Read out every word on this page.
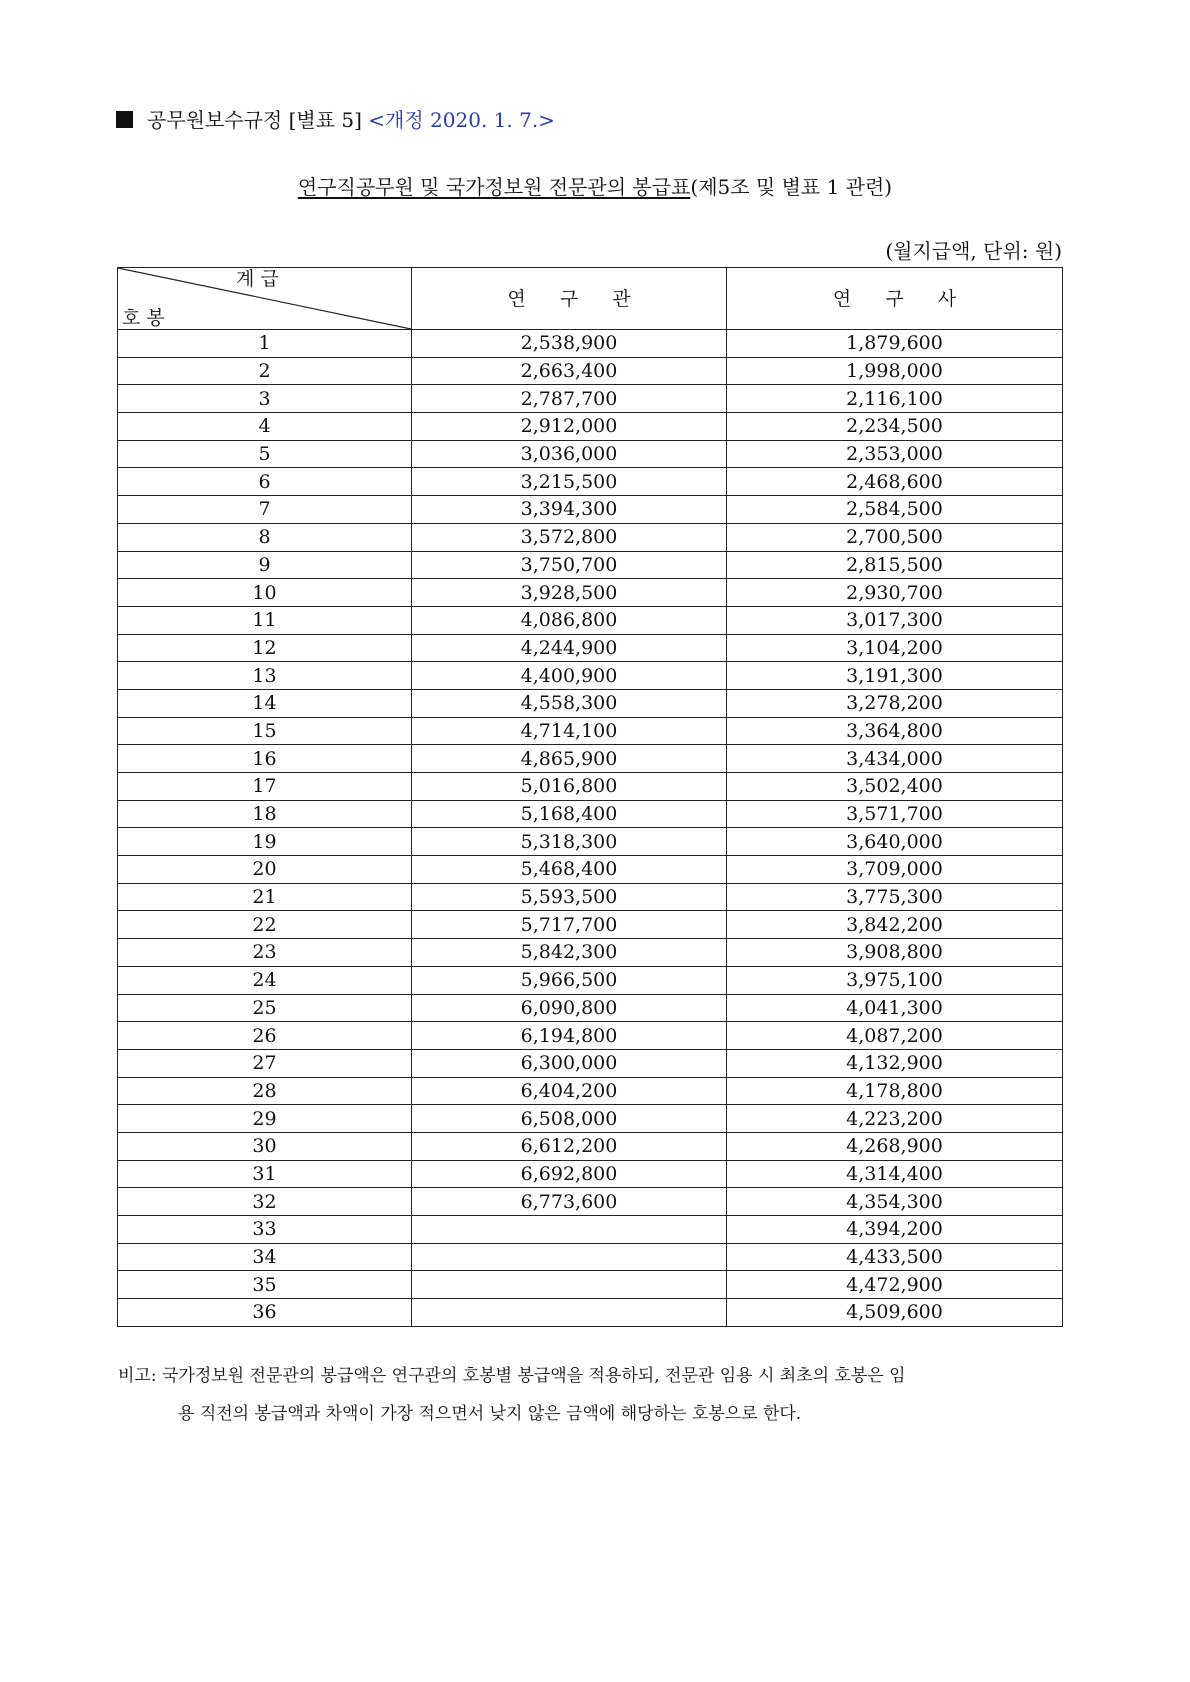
공무원보수규정 [별표 5] <개정 2020. 1. 7.>
연구직공무원 및 국가정보원 전문관의 봉급표(제5조 및 별표 1 관련)
(월지급액, 단위: 원)
계 급
호 봉	연 구 관	연 구 사
1	2,538,900	1,879,600
2	2,663,400	1,998,000
3	2,787,700	2,116,100
4	2,912,000	2,234,500
5	3,036,000	2,353,000
6	3,215,500	2,468,600
7	3,394,300	2,584,500
8	3,572,800	2,700,500
9	3,750,700	2,815,500
10	3,928,500	2,930,700
11	4,086,800	3,017,300
12	4,244,900	3,104,200
13	4,400,900	3,191,300
14	4,558,300	3,278,200
15	4,714,100	3,364,800
16	4,865,900	3,434,000
17	5,016,800	3,502,400
18	5,168,400	3,571,700
19	5,318,300	3,640,000
20	5,468,400	3,709,000
21	5,593,500	3,775,300
22	5,717,700	3,842,200
23	5,842,300	3,908,800
24	5,966,500	3,975,100
25	6,090,800	4,041,300
26	6,194,800	4,087,200
27	6,300,000	4,132,900
28	6,404,200	4,178,800
29	6,508,000	4,223,200
30	6,612,200	4,268,900
31	6,692,800	4,314,400
32	6,773,600	4,354,300
33		4,394,200
34		4,433,500
35		4,472,900
36		4,509,600
비고: 국가정보원 전문관의 봉급액은 연구관의 호봉별 봉급액을 적용하되, 전문관 임용 시 최초의 호봉은 임
용 직전의 봉급액과 차액이 가장 적으면서 낮지 않은 금액에 해당하는 호봉으로 한다.
